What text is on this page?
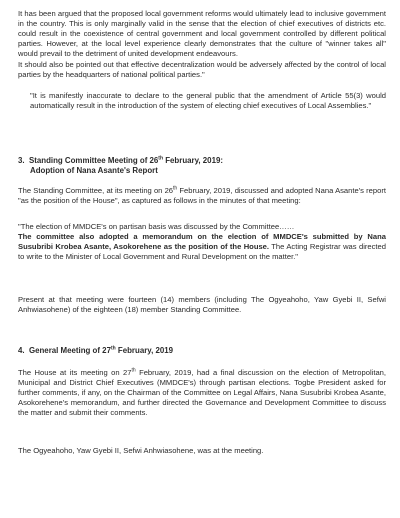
It has been argued that the proposed local government reforms would ultimately lead to inclusive government in the country. This is only marginally valid in the sense that the election of chief executives of districts etc. could result in the coexistence of central government and local government controlled by different political parties. However, at the local level experience clearly demonstrates that the culture of "winner takes all" would prevail to the detriment of united development endeavours.

It should also be pointed out that effective decentralization would be adversely affected by the control of local parties by the headquarters of national political parties."

"It is manifestly inaccurate to declare to the general public that the amendment of Article 55(3) would automatically result in the introduction of the system of electing chief executives of Local Assemblies."

3.  Standing Committee Meeting of 26th February, 2019:
Adoption of Nana Asante's Report

The Standing Committee, at its meeting on 26th February, 2019, discussed and adopted Nana Asante's report "as the position of the House", as captured as follows in the minutes of that meeting:

"The election of MMDCE's on partisan basis was discussed by the Committee……

The committee also adopted a memorandum on the election of MMDCE's submitted by Nana Susubribi Krobea Asante, Asokorehene as the position of the House. The Acting Registrar was directed to write to the Minister of Local Government and Rural Development on the matter."

Present at that meeting were fourteen (14) members (including The Ogyeahoho, Yaw Gyebi II, Sefwi Anhwiasohene) of the eighteen (18) member Standing Committee.

4.  General Meeting of 27th February, 2019

The House at its meeting on 27th February, 2019, had a final discussion on the election of Metropolitan, Municipal and District Chief Executives (MMDCE's) through partisan elections. Togbe President asked for further comments, if any, on the Chairman of the Committee on Legal Affairs, Nana Susubribi Krobea Asante, Asokorehene's memorandum, and further directed the Governance and Development Committee to discuss the matter and submit their comments.

The Ogyeahoho, Yaw Gyebi II, Sefwi Anhwiasohene, was at the meeting.
